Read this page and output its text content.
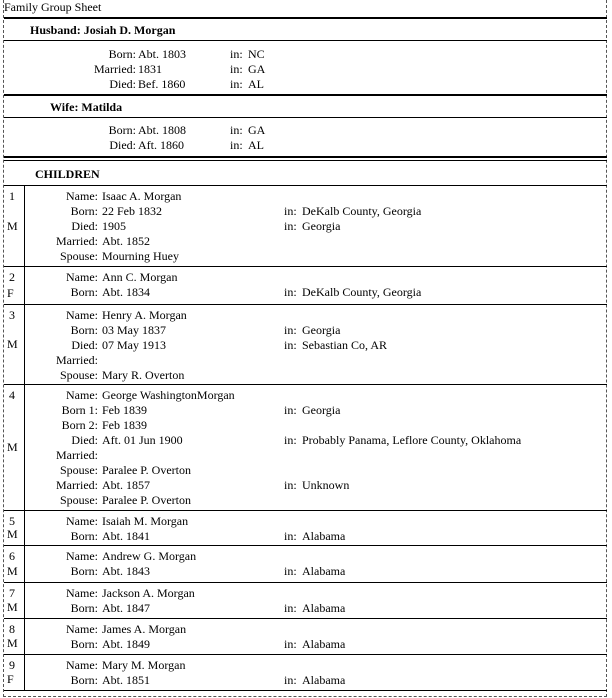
Family Group Sheet
Husband: Josiah D. Morgan
Born: Abt. 1803	in: NC
Married: 1831	in: GA
Died: Bef. 1860	in: AL
Wife: Matilda
Born: Abt. 1808	in: GA
Died: Aft. 1860	in: AL
CHILDREN
1
M
Name: Isaac A. Morgan
Born: 22 Feb 1832	in: DeKalb County, Georgia
Died: 1905	in: Georgia
Married: Abt. 1852
Spouse: Mourning Huey
2
F
Name: Ann C. Morgan
Born: Abt. 1834	in: DeKalb County, Georgia
3
M
Name: Henry A. Morgan
Born: 03 May 1837	in: Georgia
Died: 07 May 1913	in: Sebastian Co, AR
Married:
Spouse: Mary R. Overton
4
M
Name: George WashingtonMorgan
Born 1: Feb 1839	in: Georgia
Born 2: Feb 1839
Died: Aft. 01 Jun 1900	in: Probably Panama, Leflore County, Oklahoma
Married:
Spouse: Paralee P. Overton
Married: Abt. 1857	in: Unknown
Spouse: Paralee P. Overton
5
M
Name: Isaiah M. Morgan
Born: Abt. 1841	in: Alabama
6
M
Name: Andrew G. Morgan
Born: Abt. 1843	in: Alabama
7
M
Name: Jackson A. Morgan
Born: Abt. 1847	in: Alabama
8
M
Name: James A. Morgan
Born: Abt. 1849	in: Alabama
9
F
Name: Mary M. Morgan
Born: Abt. 1851	in: Alabama
